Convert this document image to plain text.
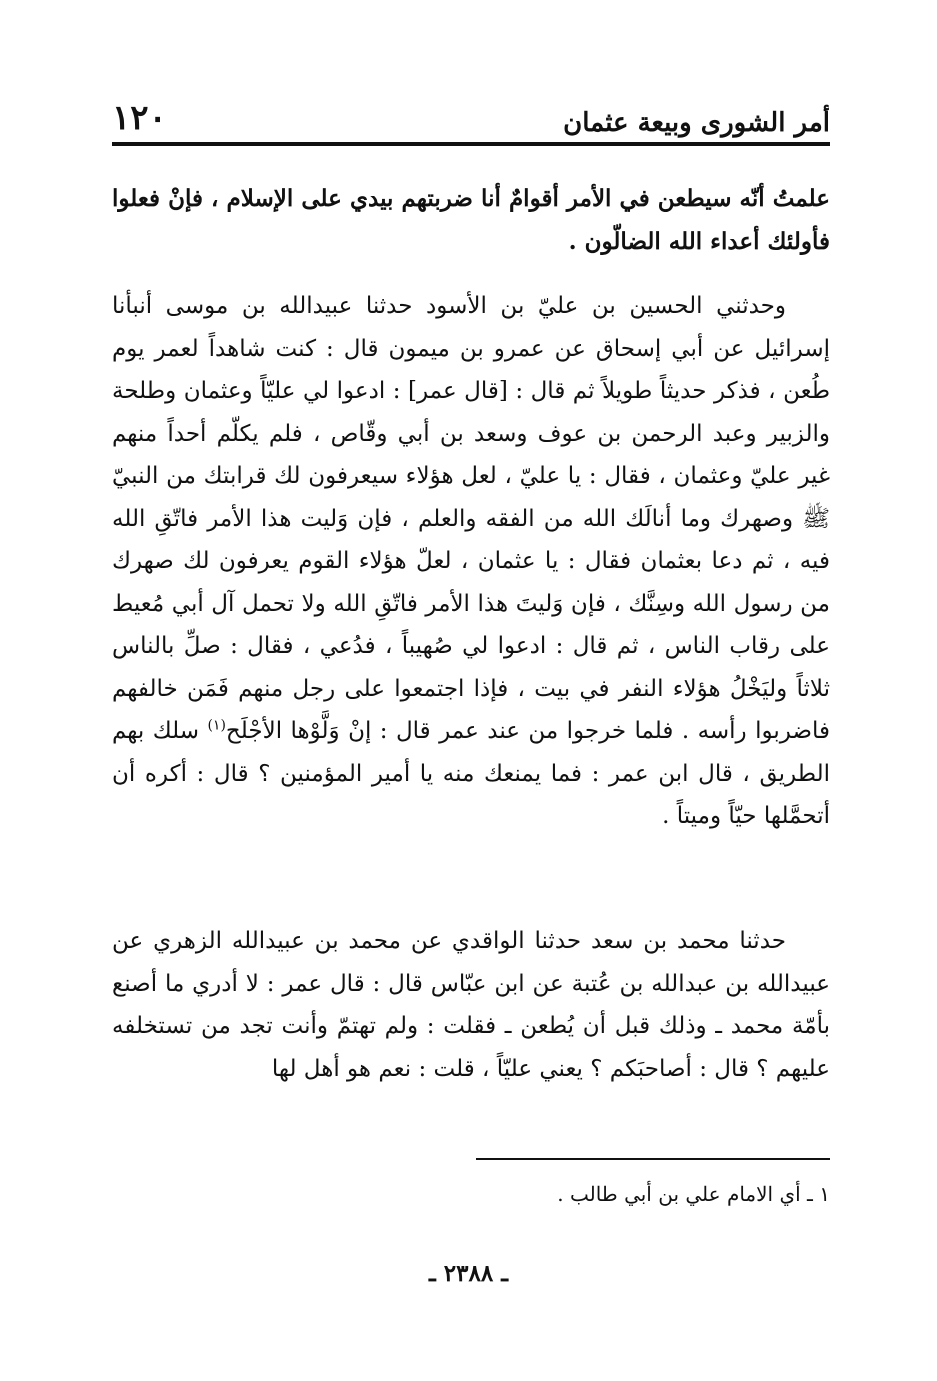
أمر الشورى وبيعة عثمان
١٢٠

علمتُ أنّه سيطعن في الأمر أقوامٌ أنا ضربتهم بيدي على الإسلام ، فإنْ فعلوا فأولئك أعداء الله الضالّون .

وحدثني الحسين بن عليّ بن الأسود حدثنا عبيدالله بن موسى أنبأنا إسرائيل عن أبي إسحاق عن عمرو بن ميمون قال : كنت شاهداً لعمر يوم طُعن ، فذكر حديثاً طويلاً ثم قال : [قال عمر] : ادعوا لي عليّاً وعثمان وطلحة والزبير وعبد الرحمن بن عوف وسعد بن أبي وقّاص ، فلم يكلّم أحداً منهم غير عليّ وعثمان ، فقال : يا عليّ ، لعل هؤلاء سيعرفون لك قرابتك من النبيّ ﷺ وصهرك وما أنالَك الله من الفقه والعلم ، فإن وَليت هذا الأمر فاتّقِ الله فيه ، ثم دعا بعثمان فقال : يا عثمان ، لعلّ هؤلاء القوم يعرفون لك صهرك من رسول الله وسِنَّك ، فإن وَليتَ هذا الأمر فاتّقِ الله ولا تحمل آل أبي مُعيط على رقاب الناس ، ثم قال : ادعوا لي صُهيباً ، فدُعي ، فقال : صلِّ بالناس ثلاثاً وليَخْلُ هؤلاء النفر في بيت ، فإذا اجتمعوا على رجل منهم فَمَن خالفهم فاضربوا رأسه . فلما خرجوا من عند عمر قال : إنْ وَلَّوْها الأجْلَح$^{(١)}$ سلك بهم الطريق ، قال ابن عمر : فما يمنعك منه يا أمير المؤمنين ؟ قال : أكره أن أتحمَّلها حيّاً وميتاً .

حدثنا محمد بن سعد حدثنا الواقدي عن محمد بن عبيدالله الزهري عن عبيدالله بن عبدالله بن عُتبة عن ابن عبّاس قال : قال عمر : لا أدري ما أصنع بأمّة محمد ـ وذلك قبل أن يُطعن ـ فقلت : ولم تهتمّ وأنت تجد من تستخلفه عليهم ؟ قال : أصاحبَكم ؟ يعني عليّاً ، قلت : نعم هو أهل لها

١ ـ أي الامام علي بن أبي طالب .
ـ ٢٣٨٨ ـ
